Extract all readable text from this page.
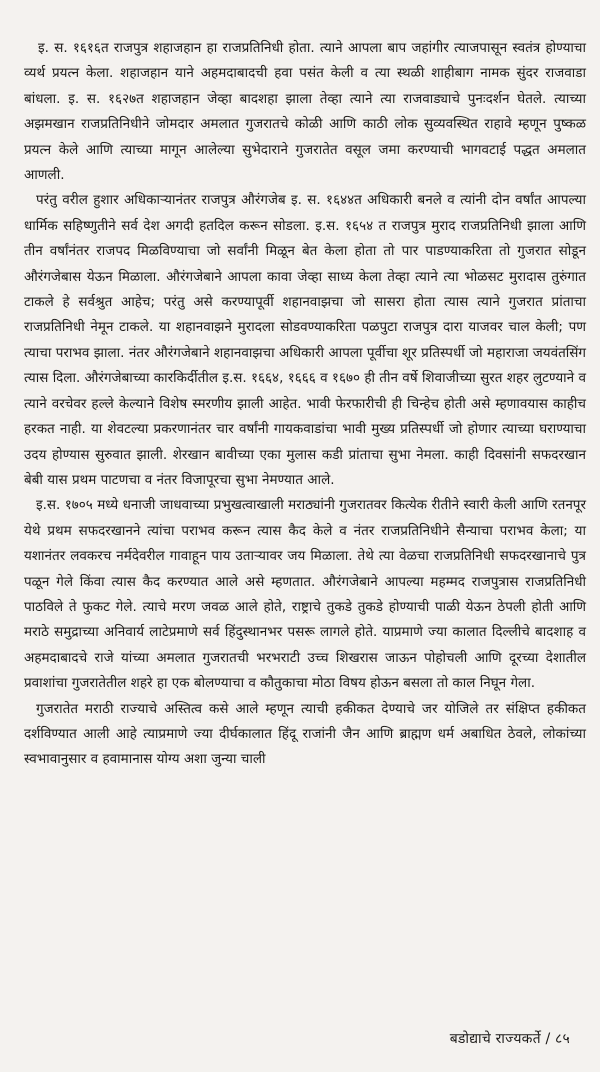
इ. स. १६१६त राजपुत्र शहाजहान हा राजप्रतिनिधी होता. त्याने आपला बाप जहांगीर त्याजपासून स्वतंत्र होण्याचा व्यर्थ प्रयत्न केला. शहाजहान याने अहमदाबादची हवा पसंत केली व त्या स्थळी शाहीबाग नामक सुंदर राजवाडा बांधला. इ. स. १६२७त शहाजहान जेव्हा बादशहा झाला तेव्हा त्याने त्या राजवाड्याचे पुनःदर्शन घेतले. त्याच्या अझमखान राजप्रतिनिधीने जोमदार अमलात गुजरातचे कोळी आणि काठी लोक सुव्यवस्थित राहावे म्हणून पुष्कळ प्रयत्न केले आणि त्याच्या मागून आलेल्या सुभेदाराने गुजरातेत वसूल जमा करण्याची भागवटाई पद्धत अमलात आणली.

परंतु वरील हुशार अधिकाऱ्यानंतर राजपुत्र औरंगजेब इ. स. १६४४त अधिकारी बनले व त्यांनी दोन वर्षांत आपल्या धार्मिक सहिष्णुतीने सर्व देश अगदी हतदिल करून सोडला. इ.स. १६५४ त राजपुत्र मुराद राजप्रतिनिधी झाला आणि तीन वर्षांनंतर राजपद मिळविण्याचा जो सर्वांनी मिळून बेत केला होता तो पार पाडण्याकरिता तो गुजरात सोडून औरंगजेबास येऊन मिळाला. औरंगजेबाने आपला कावा जेव्हा साध्य केला तेव्हा त्याने त्या भोळसट मुरादास तुरुंगात टाकले हे सर्वश्रुत आहेच; परंतु असे करण्यापूर्वी शहानवाझचा जो सासरा होता त्यास त्याने गुजरात प्रांताचा राजप्रतिनिधी नेमून टाकले. या शहानवाझने मुरादला सोडवण्याकरिता पळपुटा राजपुत्र दारा याजवर चाल केली; पण त्याचा पराभव झाला. नंतर औरंगजेबाने शहानवाझचा अधिकारी आपला पूर्वीचा शूर प्रतिस्पर्धी जो महाराजा जयवंतसिंग त्यास दिला. औरंगजेबाच्या कारकिर्दीतील इ.स. १६६४, १६६६ व १६७० ही तीन वर्षे शिवाजीच्या सुरत शहर लुटण्याने व त्याने वरचेवर हल्ले केल्याने विशेष स्मरणीय झाली आहेत. भावी फेरफारीची ही चिन्हेच होती असे म्हणावयास काहीच हरकत नाही. या शेवटल्या प्रकरणानंतर चार वर्षांनी गायकवाडांचा भावी मुख्य प्रतिस्पर्धी जो होणार त्याच्या घराण्याचा उदय होण्यास सुरुवात झाली. शेरखान बावीच्या एका मुलास कडी प्रांताचा सुभा नेमला. काही दिवसांनी सफदरखान बेबी यास प्रथम पाटणचा व नंतर विजापूरचा सुभा नेमण्यात आले.

इ.स. १७०५ मध्ये धनाजी जाधवाच्या प्रभुखत्वाखाली मराठ्यांनी गुजरातवर कित्येक रीतीने स्वारी केली आणि रतनपूर येथे प्रथम सफदरखानने त्यांचा पराभव करून त्यास कैद केले व नंतर राजप्रतिनिधीने सैन्याचा पराभव केला; या यशानंतर लवकरच नर्मदेवरील गावाहून पाय उताऱ्यावर जय मिळाला. तेथे त्या वेळचा राजप्रतिनिधी सफदरखानाचे पुत्र पळून गेले किंवा त्यास कैद करण्यात आले असे म्हणतात. औरंगजेबाने आपल्या महम्मद राजपुत्रास राजप्रतिनिधी पाठविले ते फुकट गेले. त्याचे मरण जवळ आले होते, राष्ट्राचे तुकडे तुकडे होण्याची पाळी येऊन ठेपली होती आणि मराठे समुद्राच्या अनिवार्य लाटेप्रमाणे सर्व हिंदुस्थानभर पसरू लागले होते. याप्रमाणे ज्या कालात दिल्लीचे बादशाह व अहमदाबादचे राजे यांच्या अमलात गुजरातची भरभराटी उच्च शिखरास जाऊन पोहोचली आणि दूरच्या देशातील प्रवाशांचा गुजरातेतील शहरे हा एक बोलण्याचा व कौतुकाचा मोठा विषय होऊन बसला तो काल निघून गेला.

गुजरातेत मराठी राज्याचे अस्तित्व कसे आले म्हणून त्याची हकीकत देण्याचे जर योजिले तर संक्षिप्त हकीकत दर्शविण्यात आली आहे त्याप्रमाणे ज्या दीर्घकालात हिंदू राजांनी जैन आणि ब्राह्मण धर्म अबाधित ठेवले, लोकांच्या स्वभावानुसार व हवामानास योग्य अशा जुन्या चाली

बडोद्याचे राज्यकर्ते / ८५
